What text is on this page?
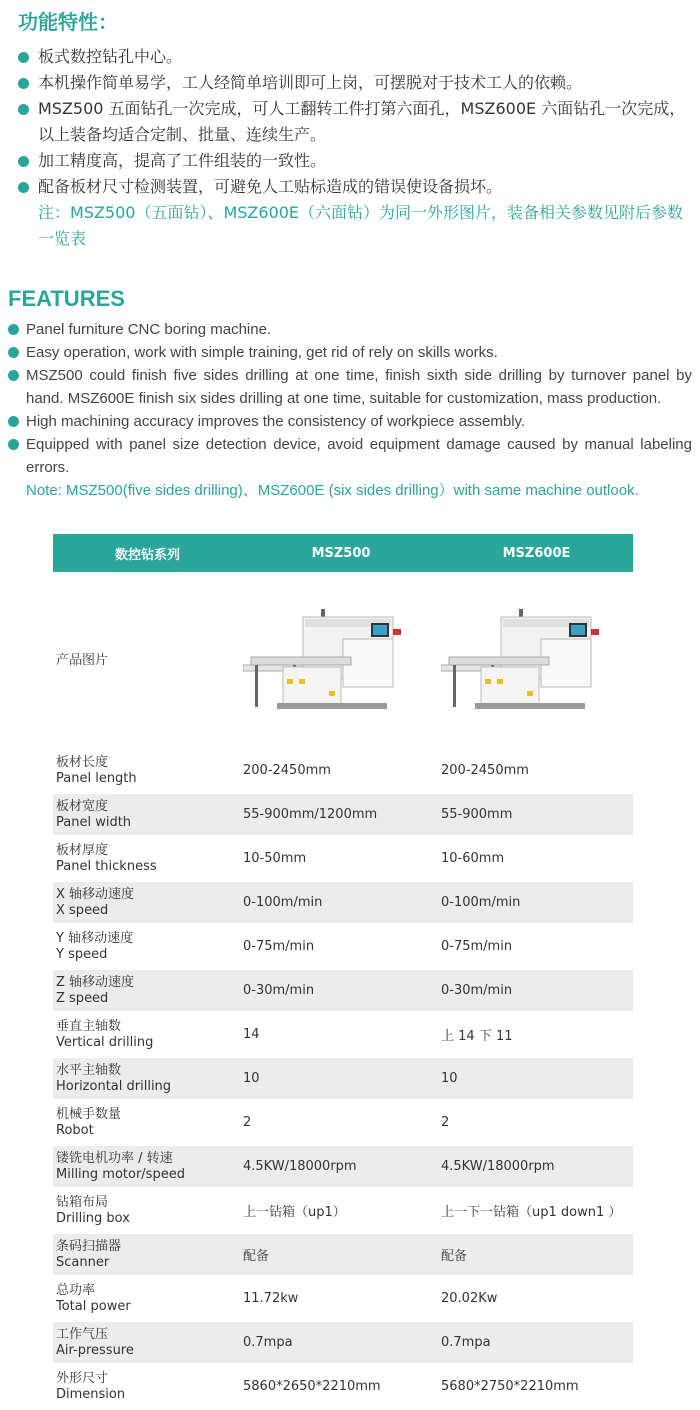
功能特性：
板式数控钻孔中心。
本机操作简单易学，工人经简单培训即可上岗，可摆脱对于技术工人的依赖。
MSZ500 五面钻孔一次完成，可人工翻转工件打第六面孔，MSZ600E 六面钻孔一次完成，以上装备均适合定制、批量、连续生产。
加工精度高，提高了工件组装的一致性。
配备板材尺寸检测装置，可避免人工贴标造成的错误使设备损坏。
注：MSZ500（五面钻）、MSZ600E（六面钻）为同一外形图片，装备相关参数见附后参数一览表
FEATURES
Panel furniture CNC boring machine.
Easy operation, work with simple training, get rid of rely on skills works.
MSZ500 could finish five sides drilling at one time, finish sixth side drilling by turnover panel by hand. MSZ600E finish six sides drilling at one time, suitable for customization, mass production.
High machining accuracy improves the consistency of workpiece assembly.
Equipped with panel size detection device, avoid equipment damage caused by manual labeling errors.
Note: MSZ500(five sides drilling)、MSZ600E (six sides drilling）with same machine outlook.
数控钻系列	MSZ500	MSZ600E
产品图片	

板材长度
Panel length	200-2450mm	200-2450mm

板材宽度
Panel width	55-900mm/1200mm	55-900mm

板材厚度
Panel thickness	10-50mm	10-60mm

X 轴移动速度
X speed	0-100m/min	0-100m/min

Y 轴移动速度
Y speed	0-75m/min	0-75m/min

Z 轴移动速度
Z speed	0-30m/min	0-30m/min

垂直主轴数
Vertical drilling	14	上 14 下 11

水平主轴数
Horizontal drilling	10	10

机械手数量
Robot	2	2

镂铣电机功率 / 转速
Milling motor/speed	4.5KW/18000rpm	4.5KW/18000rpm

钻箱布局
Drilling box	上一钻箱（up1）	上一下一钻箱（up1 down1 ）

条码扫描器
Scanner	配备	配备

总功率
Total power	11.72kw	20.02Kw

工作气压
Air-pressure	0.7mpa	0.7mpa

外形尺寸
Dimension	5860*2650*2210mm	5680*2750*2210mm
